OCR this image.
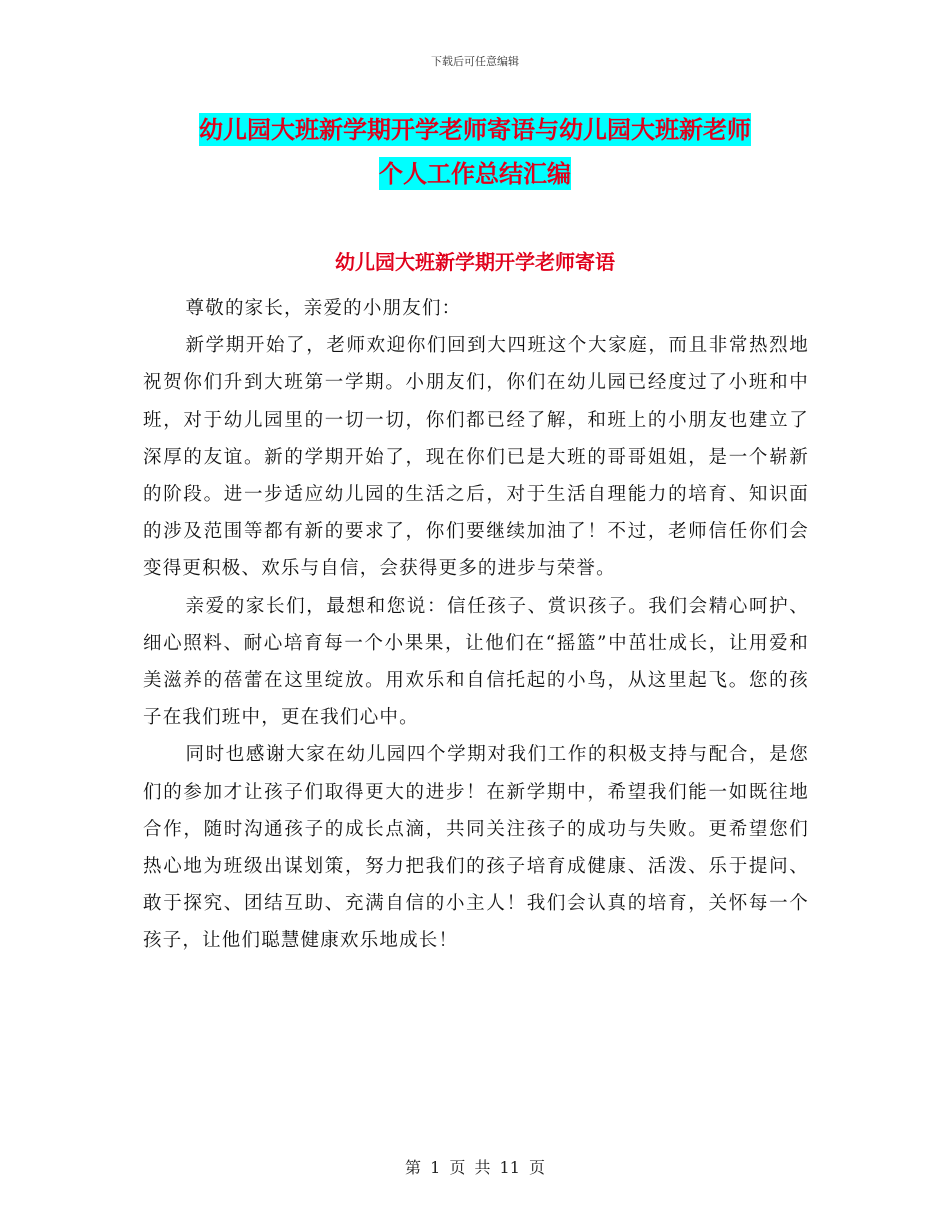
下载后可任意编辑
幼儿园大班新学期开学老师寄语与幼儿园大班新老师
个人工作总结汇编
幼儿园大班新学期开学老师寄语

尊敬的家长，亲爱的小朋友们：

新学期开始了，老师欢迎你们回到大四班这个大家庭，而且非常热烈地祝贺你们升到大班第一学期。小朋友们，你们在幼儿园已经度过了小班和中班，对于幼儿园里的一切一切，你们都已经了解，和班上的小朋友也建立了深厚的友谊。新的学期开始了，现在你们已是大班的哥哥姐姐，是一个崭新的阶段。进一步适应幼儿园的生活之后，对于生活自理能力的培育、知识面的涉及范围等都有新的要求了，你们要继续加油了！不过，老师信任你们会变得更积极、欢乐与自信，会获得更多的进步与荣誉。

亲爱的家长们，最想和您说：信任孩子、赏识孩子。我们会精心呵护、细心照料、耐心培育每一个小果果，让他们在“摇篮”中茁壮成长，让用爱和美滋养的蓓蕾在这里绽放。用欢乐和自信托起的小鸟，从这里起飞。您的孩子在我们班中，更在我们心中。

同时也感谢大家在幼儿园四个学期对我们工作的积极支持与配合，是您们的参加才让孩子们取得更大的进步！在新学期中，希望我们能一如既往地合作，随时沟通孩子的成长点滴，共同关注孩子的成功与失败。更希望您们热心地为班级出谋划策，努力把我们的孩子培育成健康、活泼、乐于提问、敢于探究、团结互助、充满自信的小主人！我们会认真的培育，关怀每一个孩子，让他们聪慧健康欢乐地成长！

第 1 页 共 11 页
